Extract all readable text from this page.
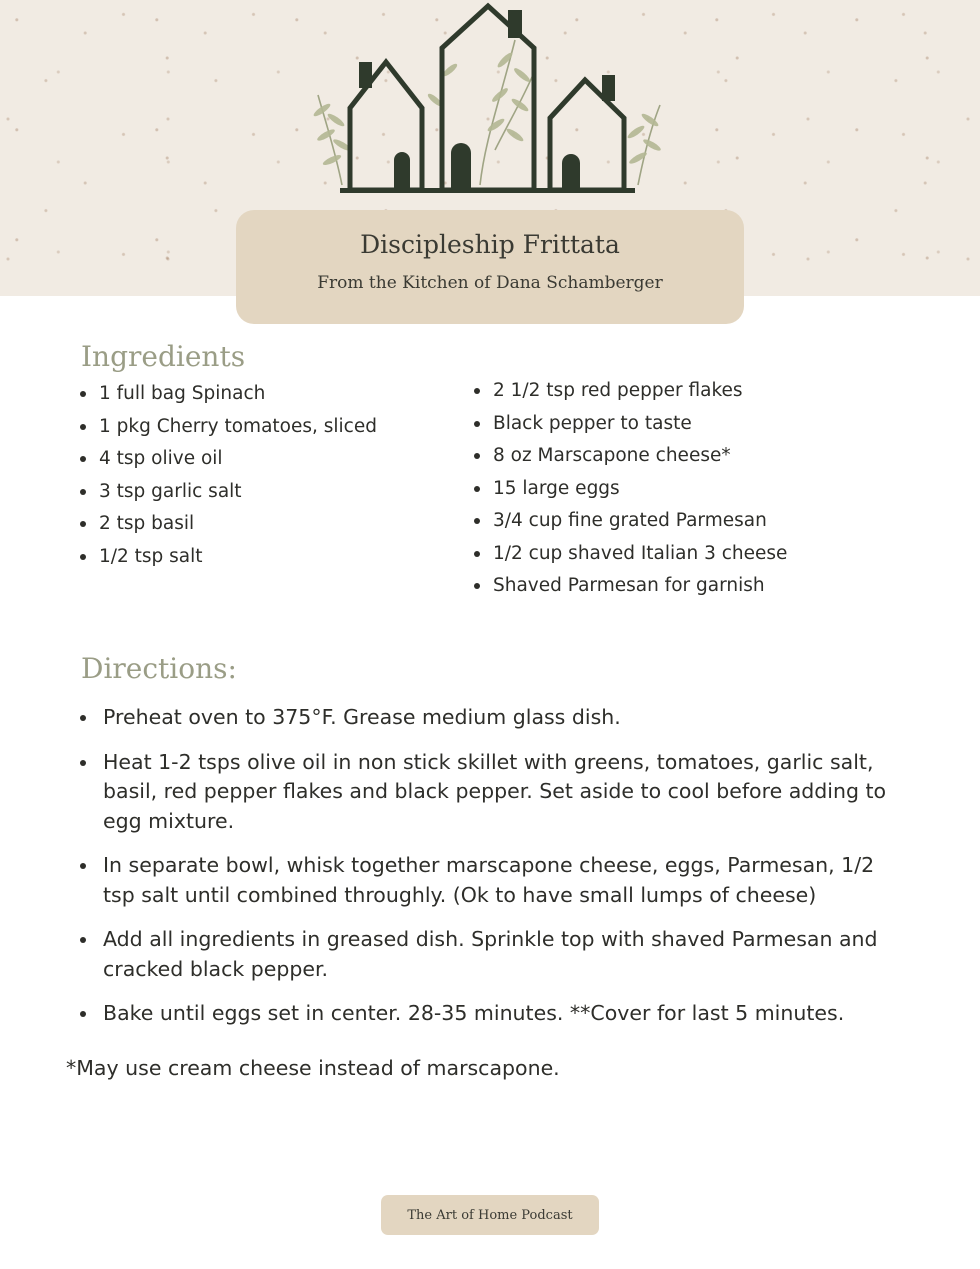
Discipleship Frittata

From the Kitchen of Dana Schamberger

Ingredients
1 full bag Spinach
1 pkg Cherry tomatoes, sliced
4 tsp olive oil
3 tsp garlic salt
2 tsp basil
1/2 tsp salt
2 1/2 tsp red pepper flakes
Black pepper to taste
8 oz Marscapone cheese*
15 large eggs
3/4 cup fine grated Parmesan
1/2 cup shaved Italian 3 cheese
Shaved Parmesan for garnish
Directions:
Preheat oven to 375°F. Grease medium glass dish.
Heat 1-2 tsps olive oil in non stick skillet with greens, tomatoes, garlic salt, basil, red pepper flakes and black pepper. Set aside to cool before adding to egg mixture.
In separate bowl, whisk together marscapone cheese, eggs, Parmesan, 1/2 tsp salt until combined throughly. (Ok to have small lumps of cheese)
Add all ingredients in greased dish. Sprinkle top with shaved Parmesan and cracked black pepper.
Bake until eggs set in center. 28-35 minutes. **Cover for last 5 minutes.

*May use cream cheese instead of marscapone.

The Art of Home Podcast
